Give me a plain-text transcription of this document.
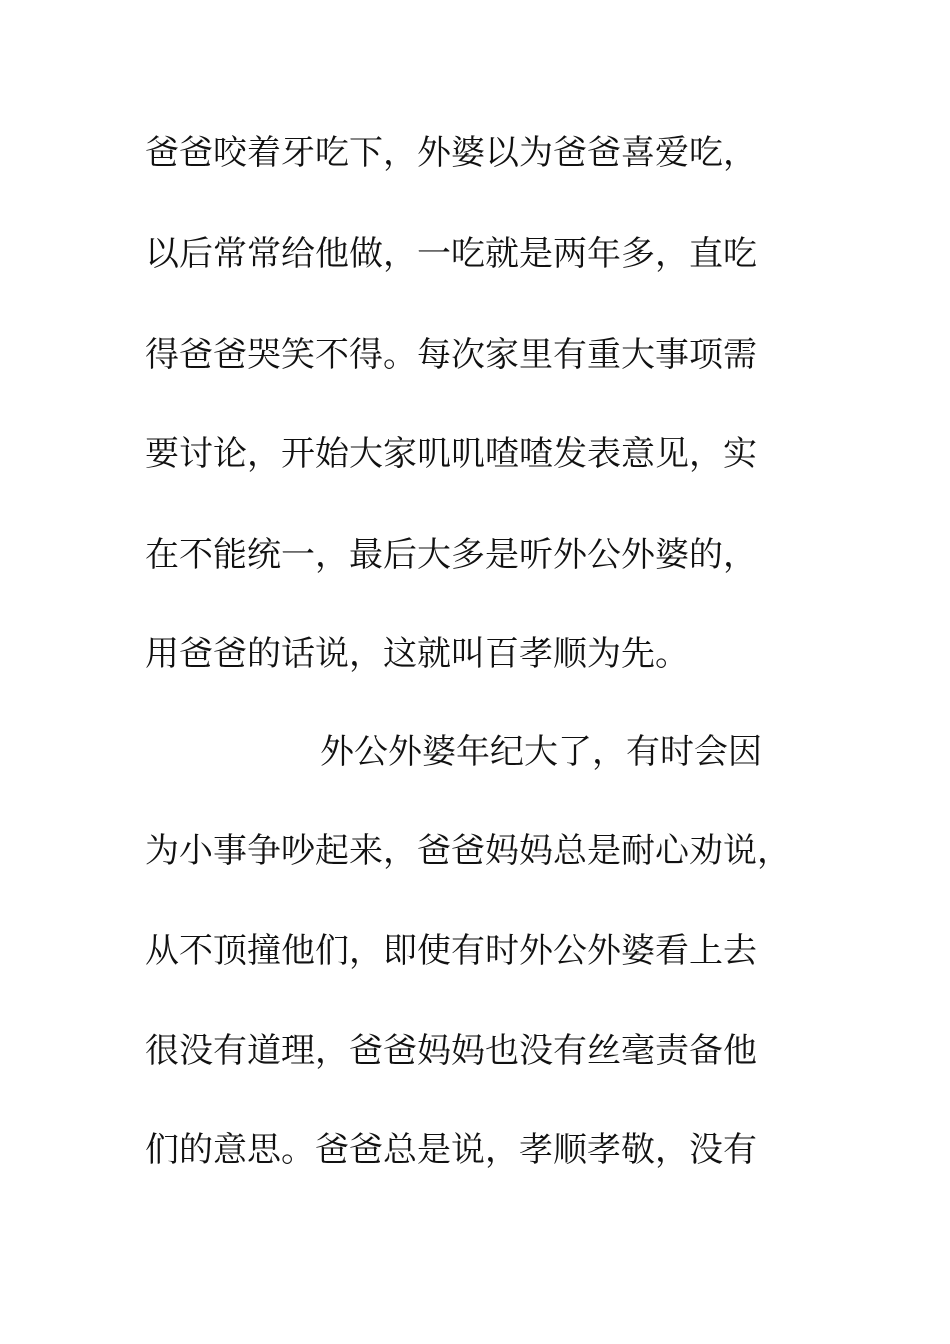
爸爸咬着牙吃下，外婆以为爸爸喜爱吃，
以后常常给他做，一吃就是两年多，直吃
得爸爸哭笑不得。每次家里有重大事项需
要讨论，开始大家叽叽喳喳发表意见，实
在不能统一，最后大多是听外公外婆的，
用爸爸的话说，这就叫百孝顺为先。
外公外婆年纪大了，有时会因
为小事争吵起来，爸爸妈妈总是耐心劝说，
从不顶撞他们，即使有时外公外婆看上去
很没有道理，爸爸妈妈也没有丝毫责备他
们的意思。爸爸总是说，孝顺孝敬，没有
